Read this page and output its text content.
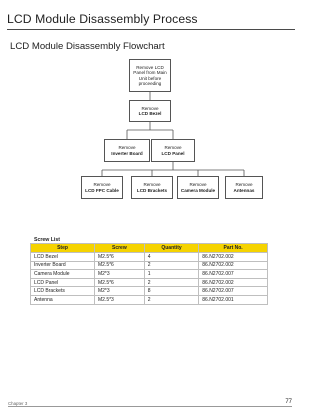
LCD Module Disassembly Process
LCD Module Disassembly Flowchart
Remove LCD
Panel from Main
Unit before
proceeding
Remove
LCD Bezel
Remove
Inverter Board
Remove
LCD Panel
Remove
LCD FPC Cable
Remove
LCD Brackets
Remove
Camera Module
Remove
Antennas
Screw List
Step	Screw	Quantity	Part No.
LCD Bezel	M2.5*6	4	86.N2702.002
Inverter Board	M2.5*6	2	86.N2702.002
Camera Module	M2*3	1	86.N2702.007
LCD Panel	M2.5*6	2	86.N2702.002
LCD Brackets	M2*3	8	86.N2702.007
Antenna	M2.5*3	2	86.N2702.001
Chapter 3	77
